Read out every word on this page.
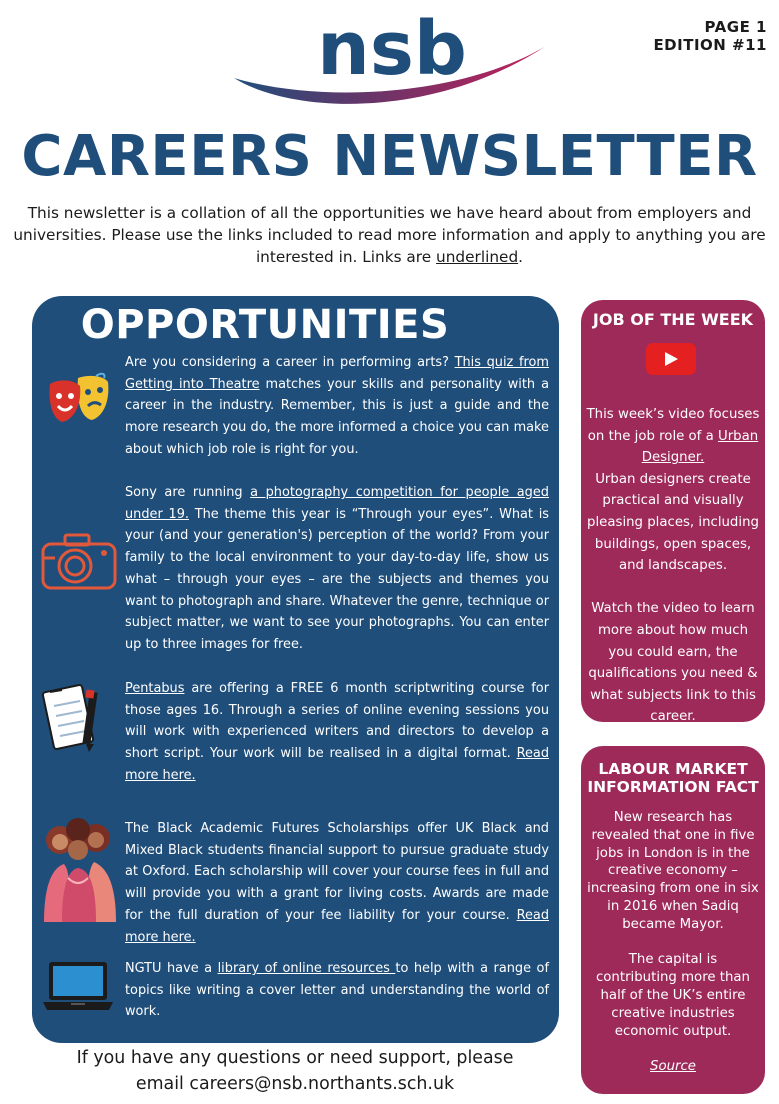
PAGE 1
EDITION #11
nsb
CAREERS NEWSLETTER
This newsletter is a collation of all the opportunities we have heard about from employers and universities. Please use the links included to read more information and apply to anything you are interested in. Links are underlined.
OPPORTUNITIES
Are you considering a career in performing arts? This quiz from Getting into Theatre matches your skills and personality with a career in the industry. Remember, this is just a guide and the more research you do, the more informed a choice you can make about which job role is right for you.
Sony are running a photography competition for people aged under 19. The theme this year is “Through your eyes”. What is your (and your generation's) perception of the world? From your family to the local environment to your day-to-day life, show us what – through your eyes – are the subjects and themes you want to photograph and share. Whatever the genre, technique or subject matter, we want to see your photographs. You can enter up to three images for free.
Pentabus are offering a FREE 6 month scriptwriting course for those ages 16. Through a series of online evening sessions you will work with experienced writers and directors to develop a short script. Your work will be realised in a digital format. Read more here.
The Black Academic Futures Scholarships offer UK Black and Mixed Black students financial support to pursue graduate study at Oxford. Each scholarship will cover your course fees in full and will provide you with a grant for living costs. Awards are made for the full duration of your fee liability for your course. Read more here.
NGTU have a library of online resources to help with a range of topics like writing a cover letter and understanding the world of work.
JOB OF THE WEEK
This week’s video focuses on the job role of a Urban Designer.
Urban designers create practical and visually pleasing places, including buildings, open spaces, and landscapes.

Watch the video to learn more about how much you could earn, the qualifications you need & what subjects link to this career.
LABOUR MARKET INFORMATION FACT
New research has revealed that one in five jobs in London is in the creative economy – increasing from one in six in 2016 when Sadiq became Mayor.

The capital is contributing more than half of the UK’s entire creative industries economic output.

Source
If you have any questions or need support, please
email careers@nsb.northants.sch.uk
